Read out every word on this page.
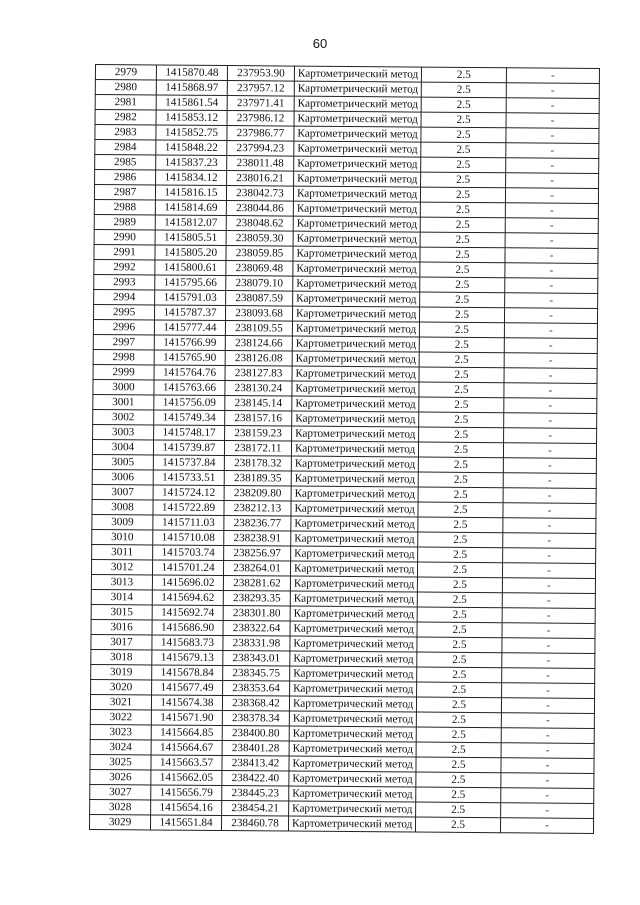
60
2979	1415870.48	237953.90	Картометрический метод	2.5	-
2980	1415868.97	237957.12	Картометрический метод	2.5	-
2981	1415861.54	237971.41	Картометрический метод	2.5	-
2982	1415853.12	237986.12	Картометрический метод	2.5	-
2983	1415852.75	237986.77	Картометрический метод	2.5	-
2984	1415848.22	237994.23	Картометрический метод	2.5	-
2985	1415837.23	238011.48	Картометрический метод	2.5	-
2986	1415834.12	238016.21	Картометрический метод	2.5	-
2987	1415816.15	238042.73	Картометрический метод	2.5	-
2988	1415814.69	238044.86	Картометрический метод	2.5	-
2989	1415812.07	238048.62	Картометрический метод	2.5	-
2990	1415805.51	238059.30	Картометрический метод	2.5	-
2991	1415805.20	238059.85	Картометрический метод	2.5	-
2992	1415800.61	238069.48	Картометрический метод	2.5	-
2993	1415795.66	238079.10	Картометрический метод	2.5	-
2994	1415791.03	238087.59	Картометрический метод	2.5	-
2995	1415787.37	238093.68	Картометрический метод	2.5	-
2996	1415777.44	238109.55	Картометрический метод	2.5	-
2997	1415766.99	238124.66	Картометрический метод	2.5	-
2998	1415765.90	238126.08	Картометрический метод	2.5	-
2999	1415764.76	238127.83	Картометрический метод	2.5	-
3000	1415763.66	238130.24	Картометрический метод	2.5	-
3001	1415756.09	238145.14	Картометрический метод	2.5	-
3002	1415749.34	238157.16	Картометрический метод	2.5	-
3003	1415748.17	238159.23	Картометрический метод	2.5	-
3004	1415739.87	238172.11	Картометрический метод	2.5	-
3005	1415737.84	238178.32	Картометрический метод	2.5	-
3006	1415733.51	238189.35	Картометрический метод	2.5	-
3007	1415724.12	238209.80	Картометрический метод	2.5	-
3008	1415722.89	238212.13	Картометрический метод	2.5	-
3009	1415711.03	238236.77	Картометрический метод	2.5	-
3010	1415710.08	238238.91	Картометрический метод	2.5	-
3011	1415703.74	238256.97	Картометрический метод	2.5	-
3012	1415701.24	238264.01	Картометрический метод	2.5	-
3013	1415696.02	238281.62	Картометрический метод	2.5	-
3014	1415694.62	238293.35	Картометрический метод	2.5	-
3015	1415692.74	238301.80	Картометрический метод	2.5	-
3016	1415686.90	238322.64	Картометрический метод	2.5	-
3017	1415683.73	238331.98	Картометрический метод	2.5	-
3018	1415679.13	238343.01	Картометрический метод	2.5	-
3019	1415678.84	238345.75	Картометрический метод	2.5	-
3020	1415677.49	238353.64	Картометрический метод	2.5	-
3021	1415674.38	238368.42	Картометрический метод	2.5	-
3022	1415671.90	238378.34	Картометрический метод	2.5	-
3023	1415664.85	238400.80	Картометрический метод	2.5	-
3024	1415664.67	238401.28	Картометрический метод	2.5	-
3025	1415663.57	238413.42	Картометрический метод	2.5	-
3026	1415662.05	238422.40	Картометрический метод	2.5	-
3027	1415656.79	238445.23	Картометрический метод	2.5	-
3028	1415654.16	238454.21	Картометрический метод	2.5	-
3029	1415651.84	238460.78	Картометрический метод	2.5	-
